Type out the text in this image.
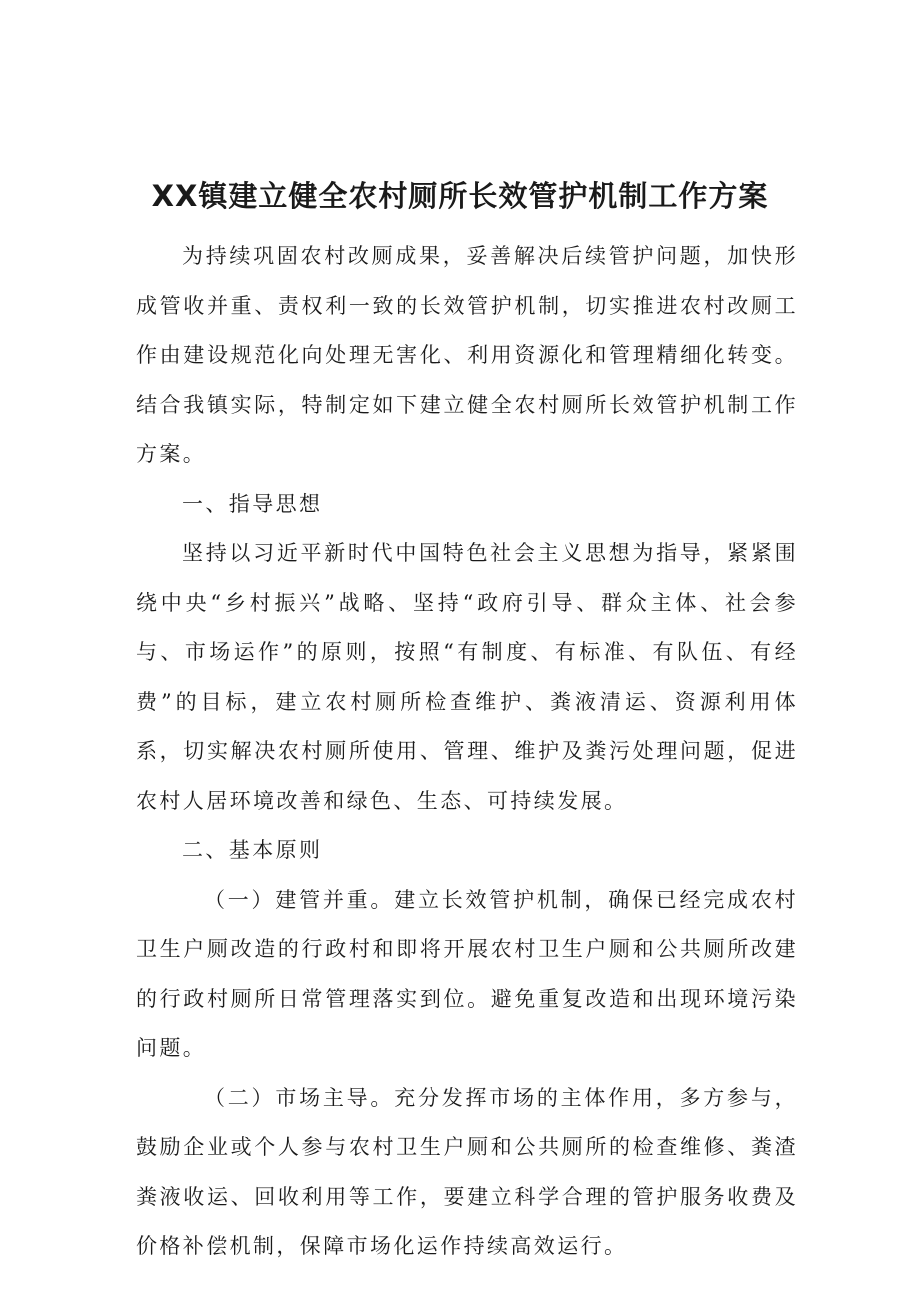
XX镇建立健全农村厕所长效管护机制工作方案

为持续巩固农村改厕成果，妥善解决后续管护问题，加快形成管收并重、责权利一致的长效管护机制，切实推进农村改厕工作由建设规范化向处理无害化、利用资源化和管理精细化转变。结合我镇实际，特制定如下建立健全农村厕所长效管护机制工作方案。

一、指导思想

坚持以习近平新时代中国特色社会主义思想为指导，紧紧围绕中央“乡村振兴”战略、坚持“政府引导、群众主体、社会参与、市场运作”的原则，按照“有制度、有标准、有队伍、有经费”的目标，建立农村厕所检查维护、粪液清运、资源利用体系，切实解决农村厕所使用、管理、维护及粪污处理问题，促进农村人居环境改善和绿色、生态、可持续发展。

二、基本原则

（一）建管并重。建立长效管护机制，确保已经完成农村卫生户厕改造的行政村和即将开展农村卫生户厕和公共厕所改建的行政村厕所日常管理落实到位。避免重复改造和出现环境污染问题。

（二）市场主导。充分发挥市场的主体作用，多方参与，鼓励企业或个人参与农村卫生户厕和公共厕所的检查维修、粪渣粪液收运、回收利用等工作，要建立科学合理的管护服务收费及价格补偿机制，保障市场化运作持续高效运行。
